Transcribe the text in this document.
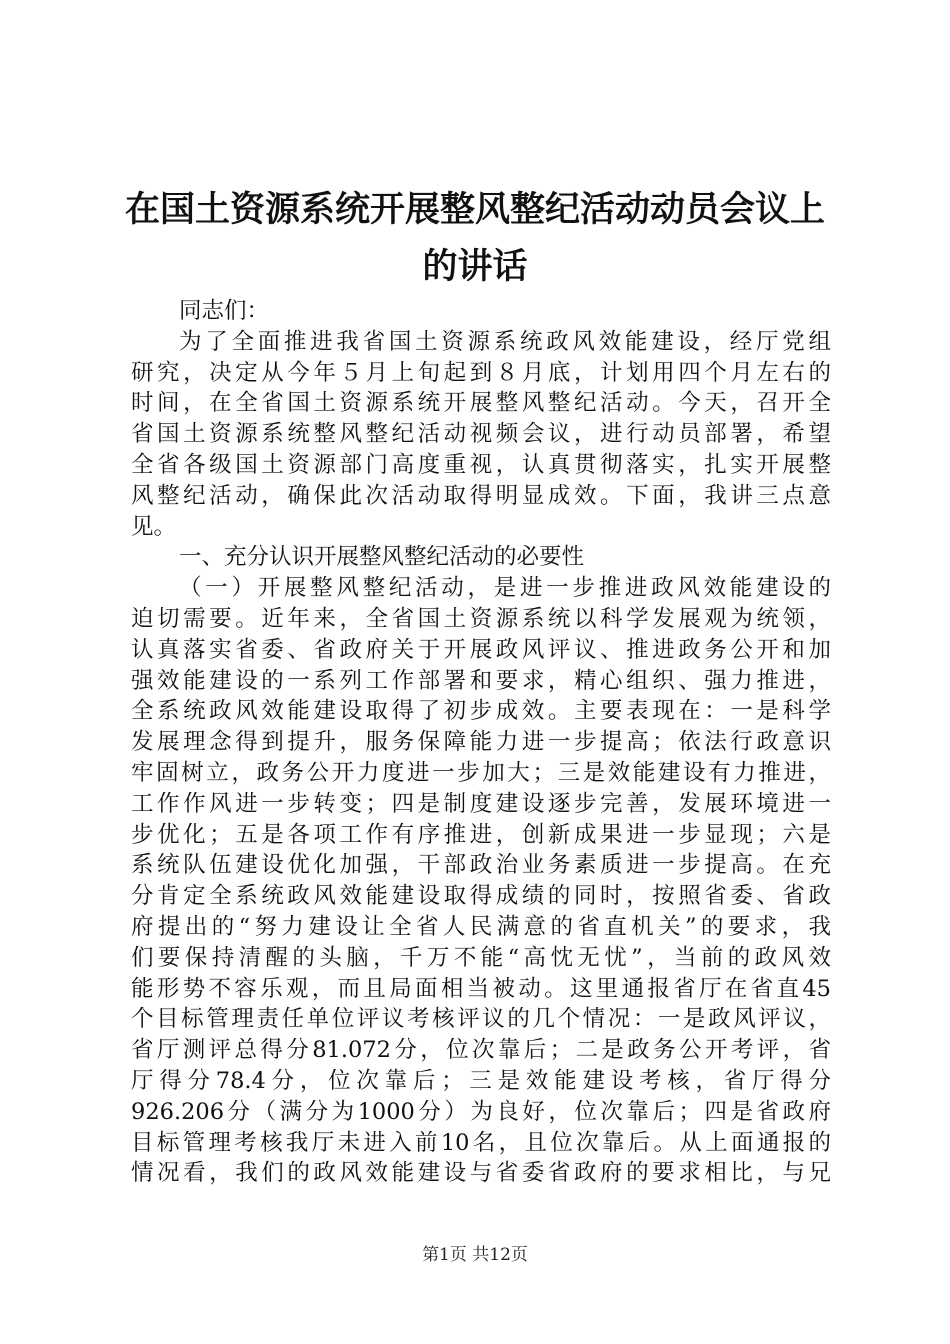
在国土资源系统开展整风整纪活动动员会议上
的讲话
同志们：
为了全面推进我省国土资源系统政风效能建设，经厅党组
研究，决定从今年５月上旬起到８月底，计划用四个月左右的
时间，在全省国土资源系统开展整风整纪活动。今天，召开全
省国土资源系统整风整纪活动视频会议，进行动员部署，希望
全省各级国土资源部门高度重视，认真贯彻落实，扎实开展整
风整纪活动，确保此次活动取得明显成效。下面，我讲三点意
见。
一、充分认识开展整风整纪活动的必要性
（一）开展整风整纪活动，是进一步推进政风效能建设的
迫切需要。近年来，全省国土资源系统以科学发展观为统领，
认真落实省委、省政府关于开展政风评议、推进政务公开和加
强效能建设的一系列工作部署和要求，精心组织、强力推进，
全系统政风效能建设取得了初步成效。主要表现在：一是科学
发展理念得到提升，服务保障能力进一步提高；依法行政意识
牢固树立，政务公开力度进一步加大；三是效能建设有力推进，
工作作风进一步转变；四是制度建设逐步完善，发展环境进一
步优化；五是各项工作有序推进，创新成果进一步显现；六是
系统队伍建设优化加强，干部政治业务素质进一步提高。在充
分肯定全系统政风效能建设取得成绩的同时，按照省委、省政
府提出的“努力建设让全省人民满意的省直机关”的要求，我
们要保持清醒的头脑，千万不能“高忱无忧”，当前的政风效
能形势不容乐观，而且局面相当被动。这里通报省厅在省直45
个目标管理责任单位评议考核评议的几个情况：一是政风评议，
省厅测评总得分81.072分，位次靠后；二是政务公开考评，省
厅得分78.4分，位次靠后；三是效能建设考核，省厅得分
926.206分（满分为1000分）为良好，位次靠后；四是省政府
目标管理考核我厅未进入前10名，且位次靠后。从上面通报的
情况看，我们的政风效能建设与省委省政府的要求相比，与兄
第1页 共12页
